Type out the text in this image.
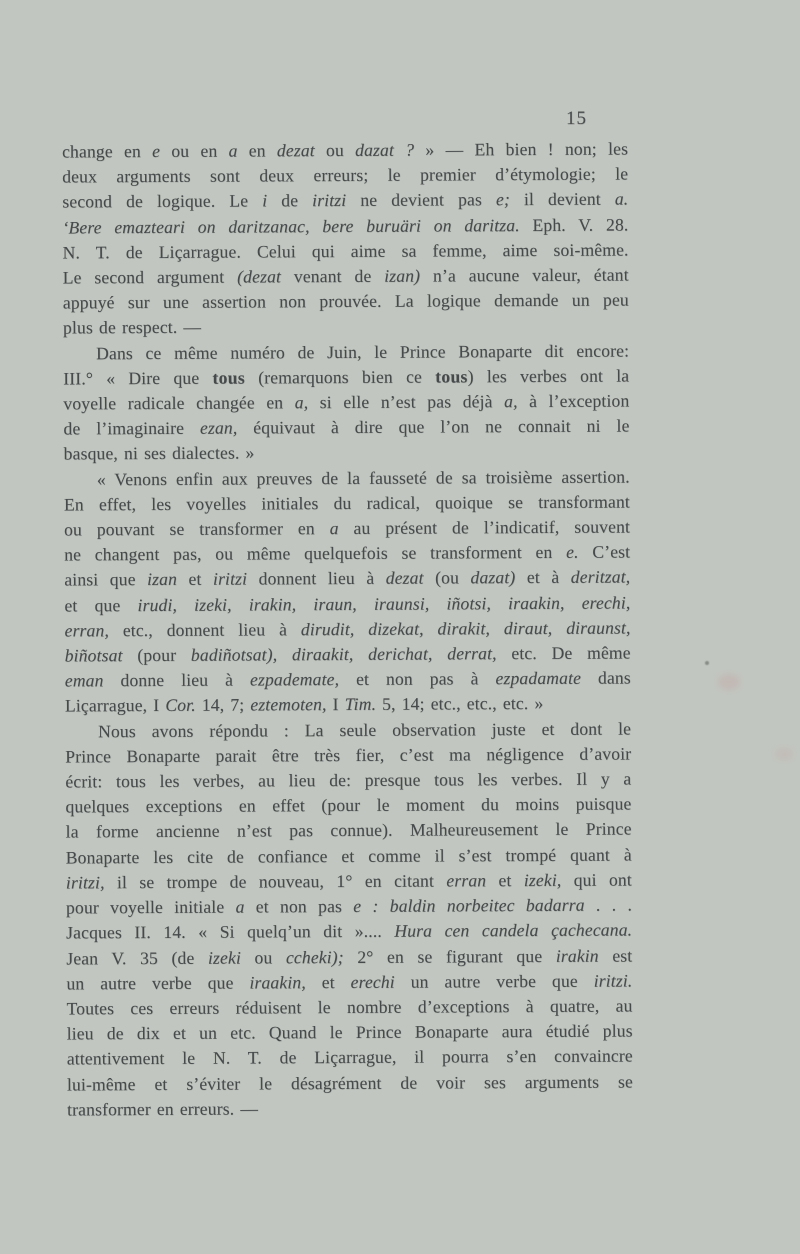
15
change en e ou en a en dezat ou dazat ? » — Eh bien ! non; les
deux arguments sont deux erreurs; le premier d’étymologie; le
second de logique. Le i de iritzi ne devient pas e; il devient a.
ʻBere emazteari on daritzanac, bere buruäri on daritza. Eph. V. 28.
N. T. de Liçarrague. Celui qui aime sa femme, aime soi-même.
Le second argument (dezat venant de izan) n’a aucune valeur, étant
appuyé sur une assertion non prouvée. La logique demande un peu
plus de respect. —
Dans ce même numéro de Juin, le Prince Bonaparte dit encore:
III.° « Dire que tous (remarquons bien ce tous) les verbes ont la
voyelle radicale changée en a, si elle n’est pas déjà a, à l’exception
de l’imaginaire ezan, équivaut à dire que l’on ne connait ni le
basque, ni ses dialectes. »
« Venons enfin aux preuves de la fausseté de sa troisième assertion.
En effet, les voyelles initiales du radical, quoique se transformant
ou pouvant se transformer en a au présent de l’indicatif, souvent
ne changent pas, ou même quelquefois se transforment en e. C’est
ainsi que izan et iritzi donnent lieu à dezat (ou dazat) et à deritzat,
et que irudi, izeki, irakin, iraun, iraunsi, iñotsi, iraakin, erechi,
erran, etc., donnent lieu à dirudit, dizekat, dirakit, diraut, diraunst,
biñotsat (pour badiñotsat), diraakit, derichat, derrat, etc. De même
eman donne lieu à ezpademate, et non pas à ezpadamate dans
Liçarrague, I Cor. 14, 7; eztemoten, I Tim. 5, 14; etc., etc., etc. »
Nous avons répondu : La seule observation juste et dont le
Prince Bonaparte parait être très fier, c’est ma négligence d’avoir
écrit: tous les verbes, au lieu de: presque tous les verbes. Il y a
quelques exceptions en effet (pour le moment du moins puisque
la forme ancienne n’est pas connue). Malheureusement le Prince
Bonaparte les cite de confiance et comme il s’est trompé quant à
iritzi, il se trompe de nouveau, 1° en citant erran et izeki, qui ont
pour voyelle initiale a et non pas e : baldin norbeitec badarra . . .
Jacques II. 14. « Si quelq’un dit ».... Hura cen candela çachecana.
Jean V. 35 (de izeki ou ccheki); 2° en se figurant que irakin est
un autre verbe que iraakin, et erechi un autre verbe que iritzi.
Toutes ces erreurs réduisent le nombre d’exceptions à quatre, au
lieu de dix et un etc. Quand le Prince Bonaparte aura étudié plus
attentivement le N. T. de Liçarrague, il pourra s’en convaincre
lui-même et s’éviter le désagrément de voir ses arguments se
transformer en erreurs. —
